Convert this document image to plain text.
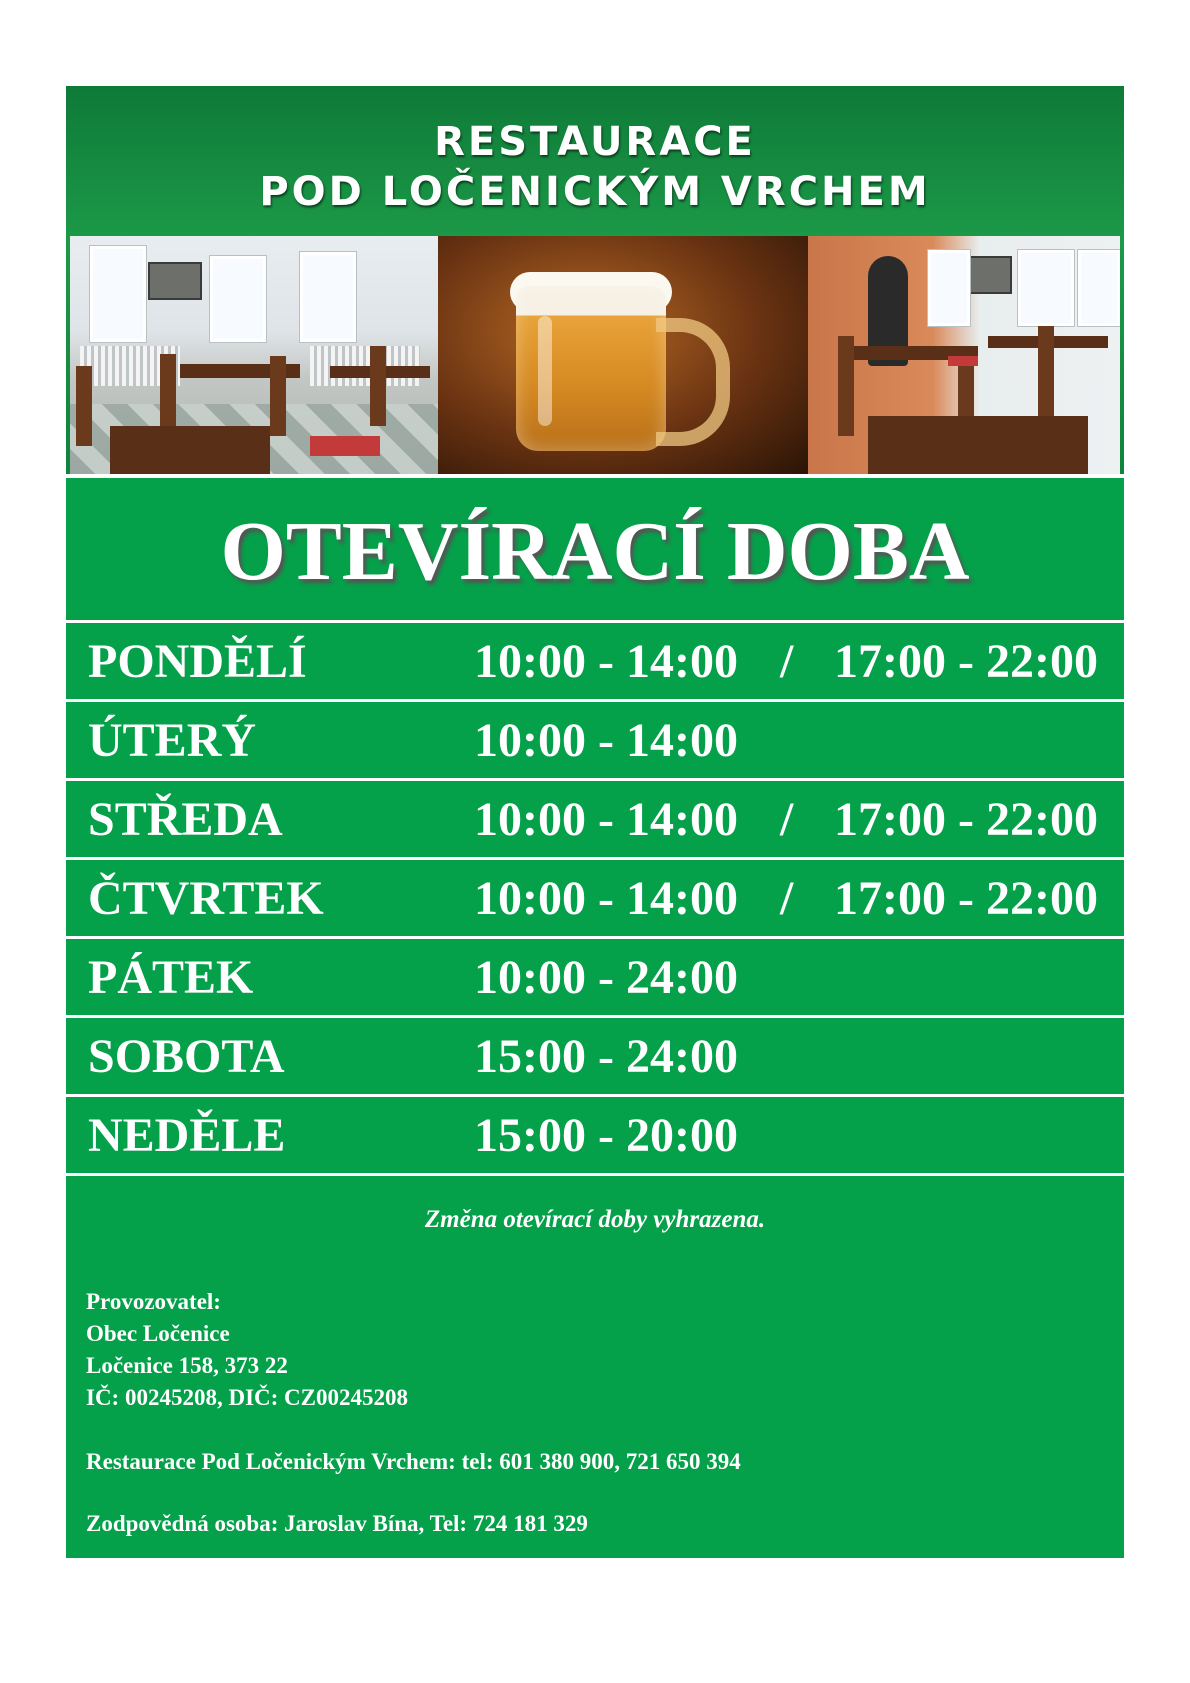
RESTAURACE
POD LOČENICKÝM VRCHEM
OTEVÍRACÍ DOBA
PONDĚLÍ	10:00 - 14:00 / 17:00 - 22:00
ÚTERÝ	10:00 - 14:00
STŘEDA	10:00 - 14:00 / 17:00 - 22:00
ČTVRTEK	10:00 - 14:00 / 17:00 - 22:00
PÁTEK	10:00 - 24:00
SOBOTA	15:00 - 24:00
NEDĚLE	15:00 - 20:00
Změna otevírací doby vyhrazena.
Provozovatel:
Obec Ločenice
Ločenice 158, 373 22
IČ: 00245208, DIČ: CZ00245208
Restaurace Pod Ločenickým Vrchem: tel: 601 380 900, 721 650 394
Zodpovědná osoba: Jaroslav Bína, Tel: 724 181 329
